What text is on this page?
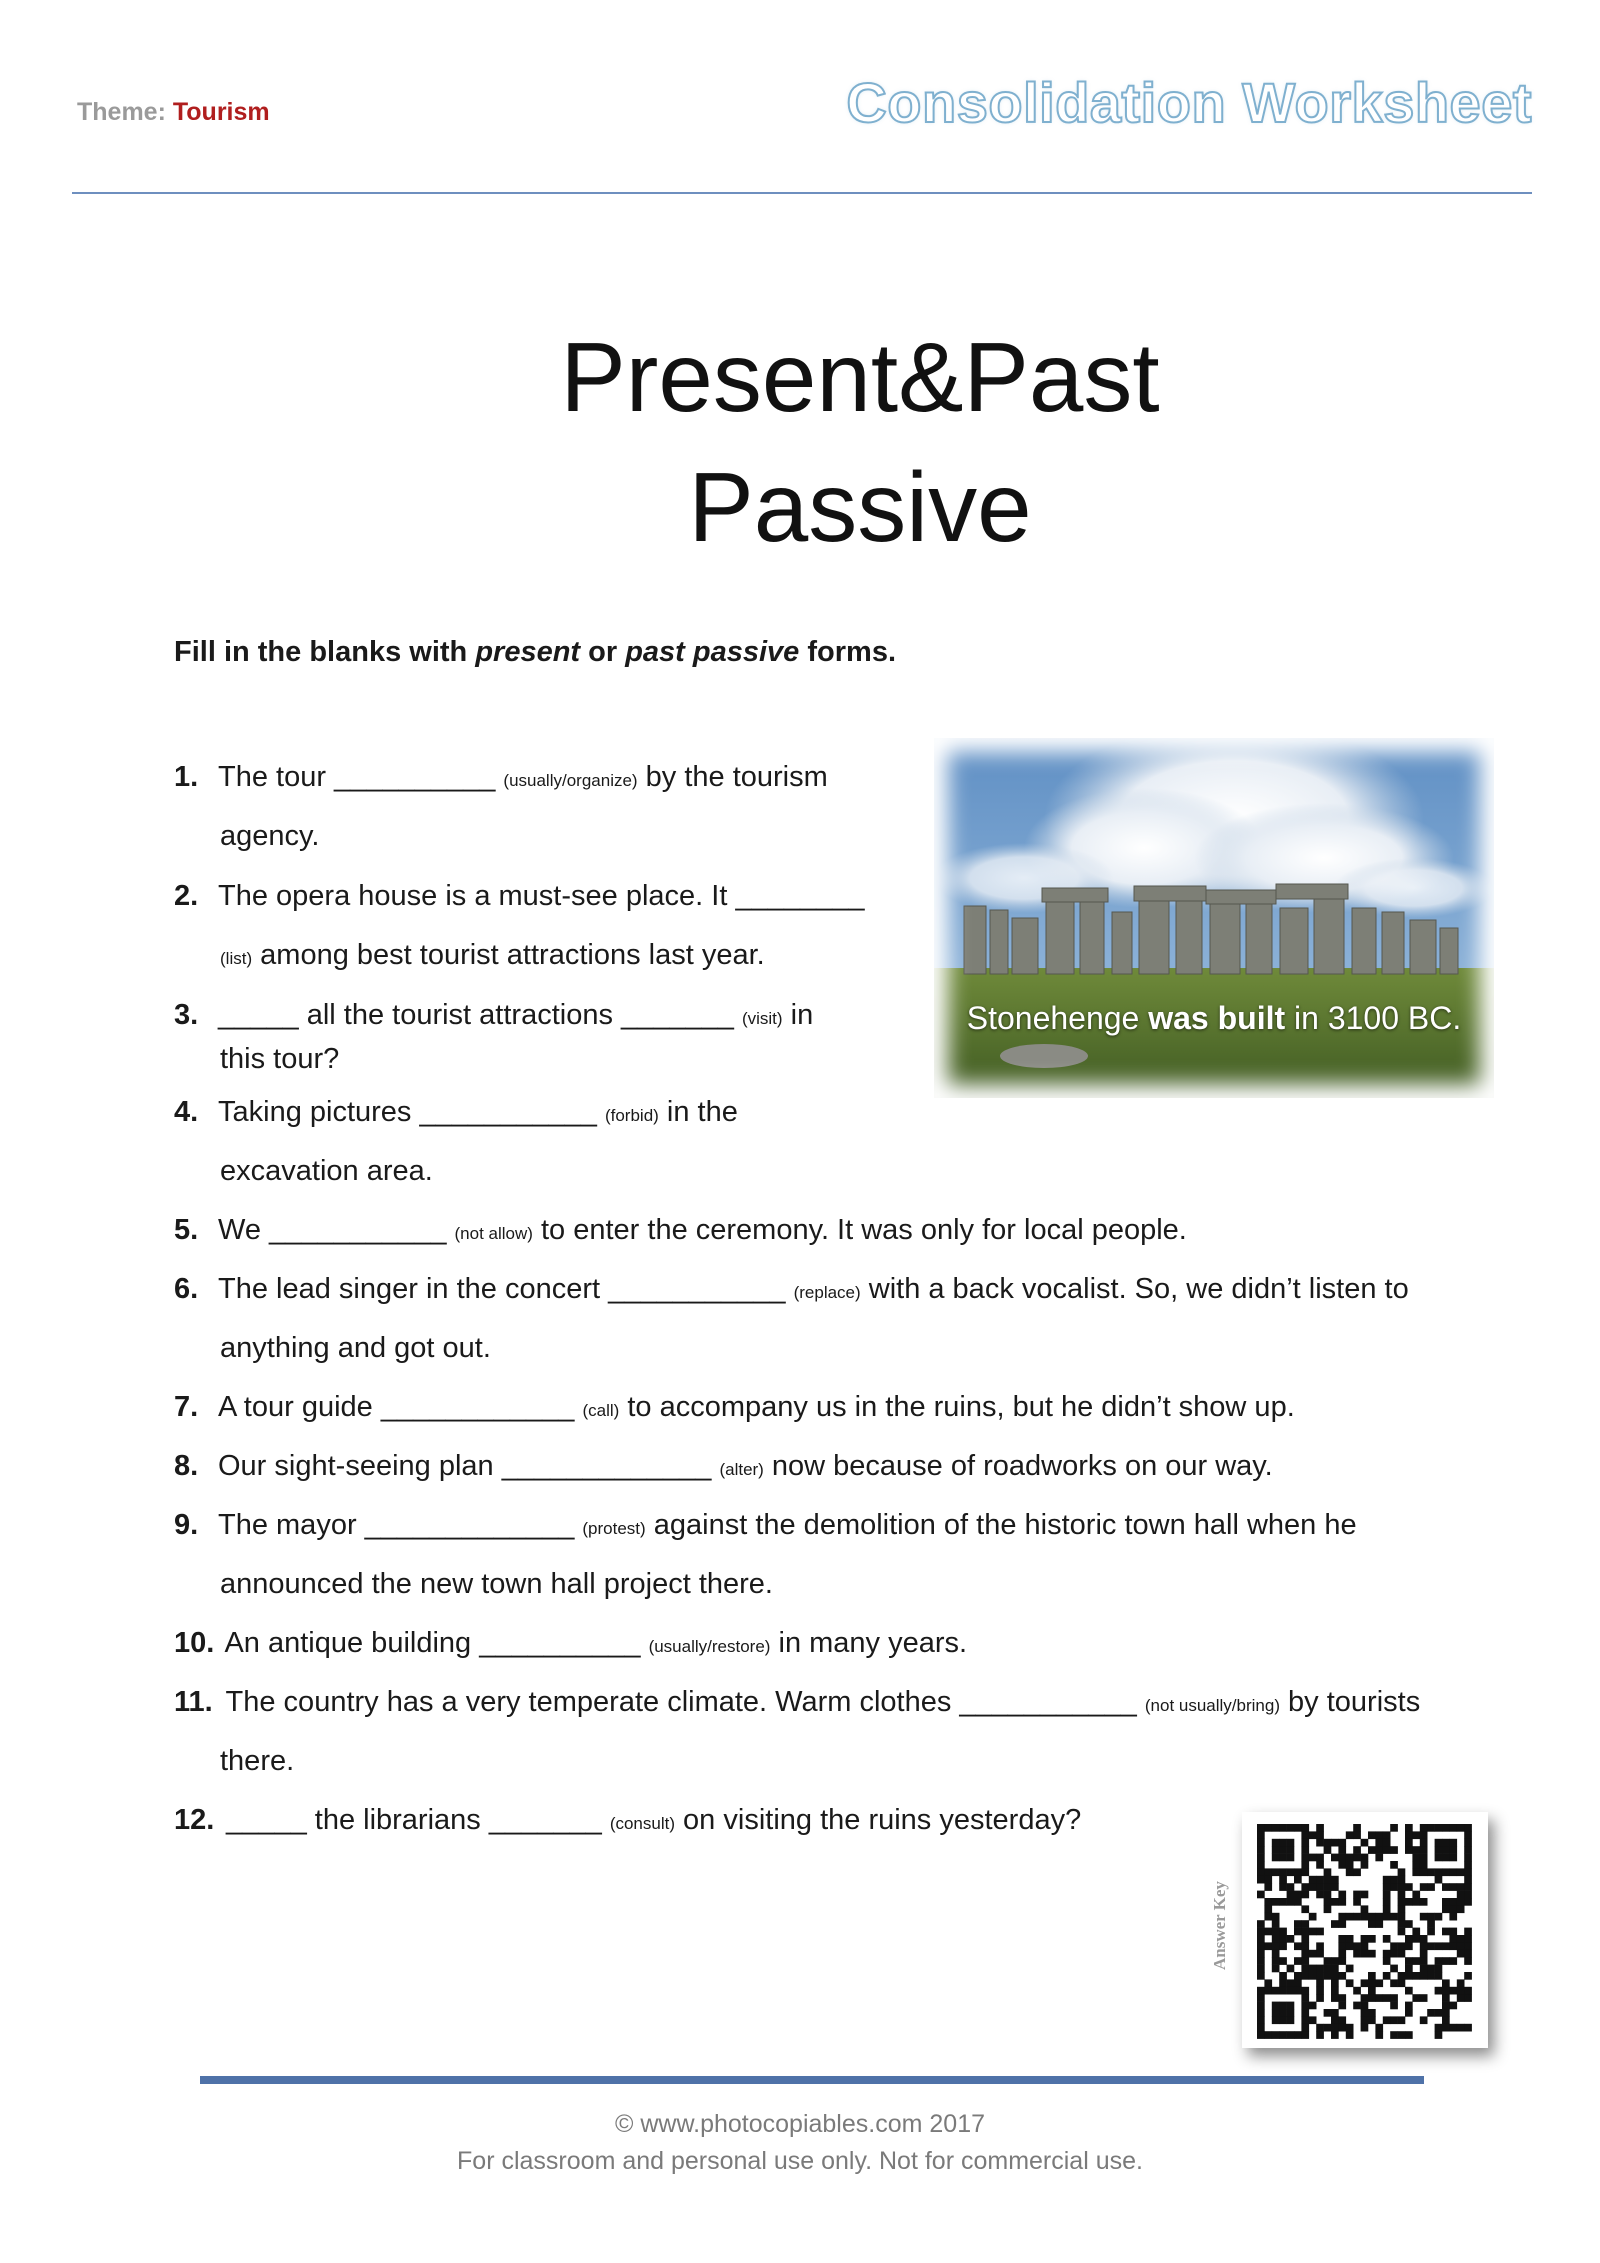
Theme: Tourism	Consolidation Worksheet
Present&Past
Passive
Fill in the blanks with present or past passive forms.
1. The tour __________ (usually/organize) by the tourism
agency.
2. The opera house is a must-see place. It ________
(list) among best tourist attractions last year.
3. _____ all the tourist attractions _______ (visit) in
this tour?
4. Taking pictures ___________ (forbid) in the
excavation area.
5. We ___________ (not allow) to enter the ceremony. It was only for local people.
6. The lead singer in the concert ___________ (replace) with a back vocalist. So, we didn’t listen to
anything and got out.
7. A tour guide ____________ (call) to accompany us in the ruins, but he didn’t show up.
8. Our sight-seeing plan _____________ (alter) now because of roadworks on our way.
9. The mayor _____________ (protest) against the demolition of the historic town hall when he
announced the new town hall project there.
10. An antique building __________ (usually/restore) in many years.
11. The country has a very temperate climate. Warm clothes ___________ (not usually/bring) by tourists
there.
12. _____ the librarians _______ (consult) on visiting the ruins yesterday?
Stonehenge was built in 3100 BC.
Answer Key
© www.photocopiables.com 2017
For classroom and personal use only. Not for commercial use.
